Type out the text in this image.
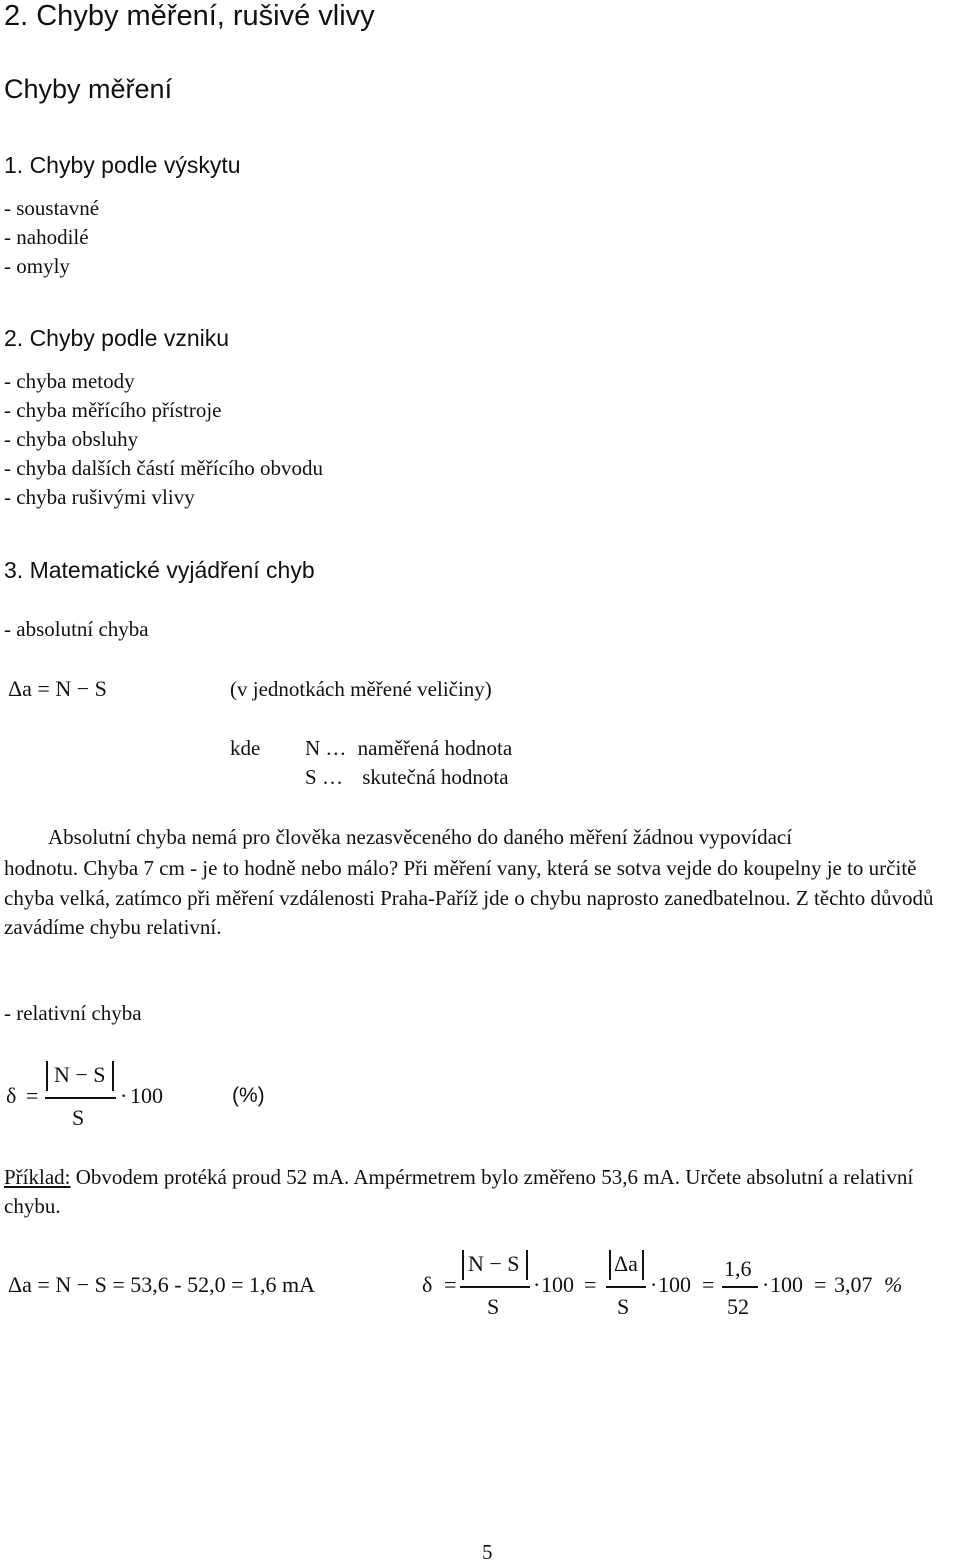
2. Chyby měření, rušivé vlivy
Chyby měření
1. Chyby podle výskytu
- soustavné
- nahodilé
- omyly
2. Chyby podle vzniku
- chyba metody
- chyba měřícího přístroje
- chyba obsluhy
- chyba dalších částí měřícího obvodu
- chyba rušivými vlivy
3. Matematické vyjádření chyb
- absolutní chyba
Δa = N − S	(v jednotkách měřené veličiny)
kde N … naměřená hodnota
S … skutečná hodnota
Absolutní chyba nemá pro člověka nezasvěceného do daného měření žádnou vypovídací
hodnotu. Chyba 7 cm - je to hodně nebo málo? Při měření vany, která se sotva vejde do koupelny je to určitě chyba velká, zatímco při měření vzdálenosti Praha-Paříž jde o chybu naprosto zanedbatelnou. Z těchto důvodů zavádíme chybu relativní.
- relativní chyba
δ =
N − S
S
· 100	(%)
Příklad: Obvodem protéká proud 52 mA. Ampérmetrem bylo změřeno 53,6 mA. Určete absolutní a relativní chybu.
Δa = N − S = 53,6 - 52,0 = 1,6 mA	δ =
N − S
S
· 100 =
Δa
S
· 100 =
1,6
52
· 100 = 3,07 %
5
